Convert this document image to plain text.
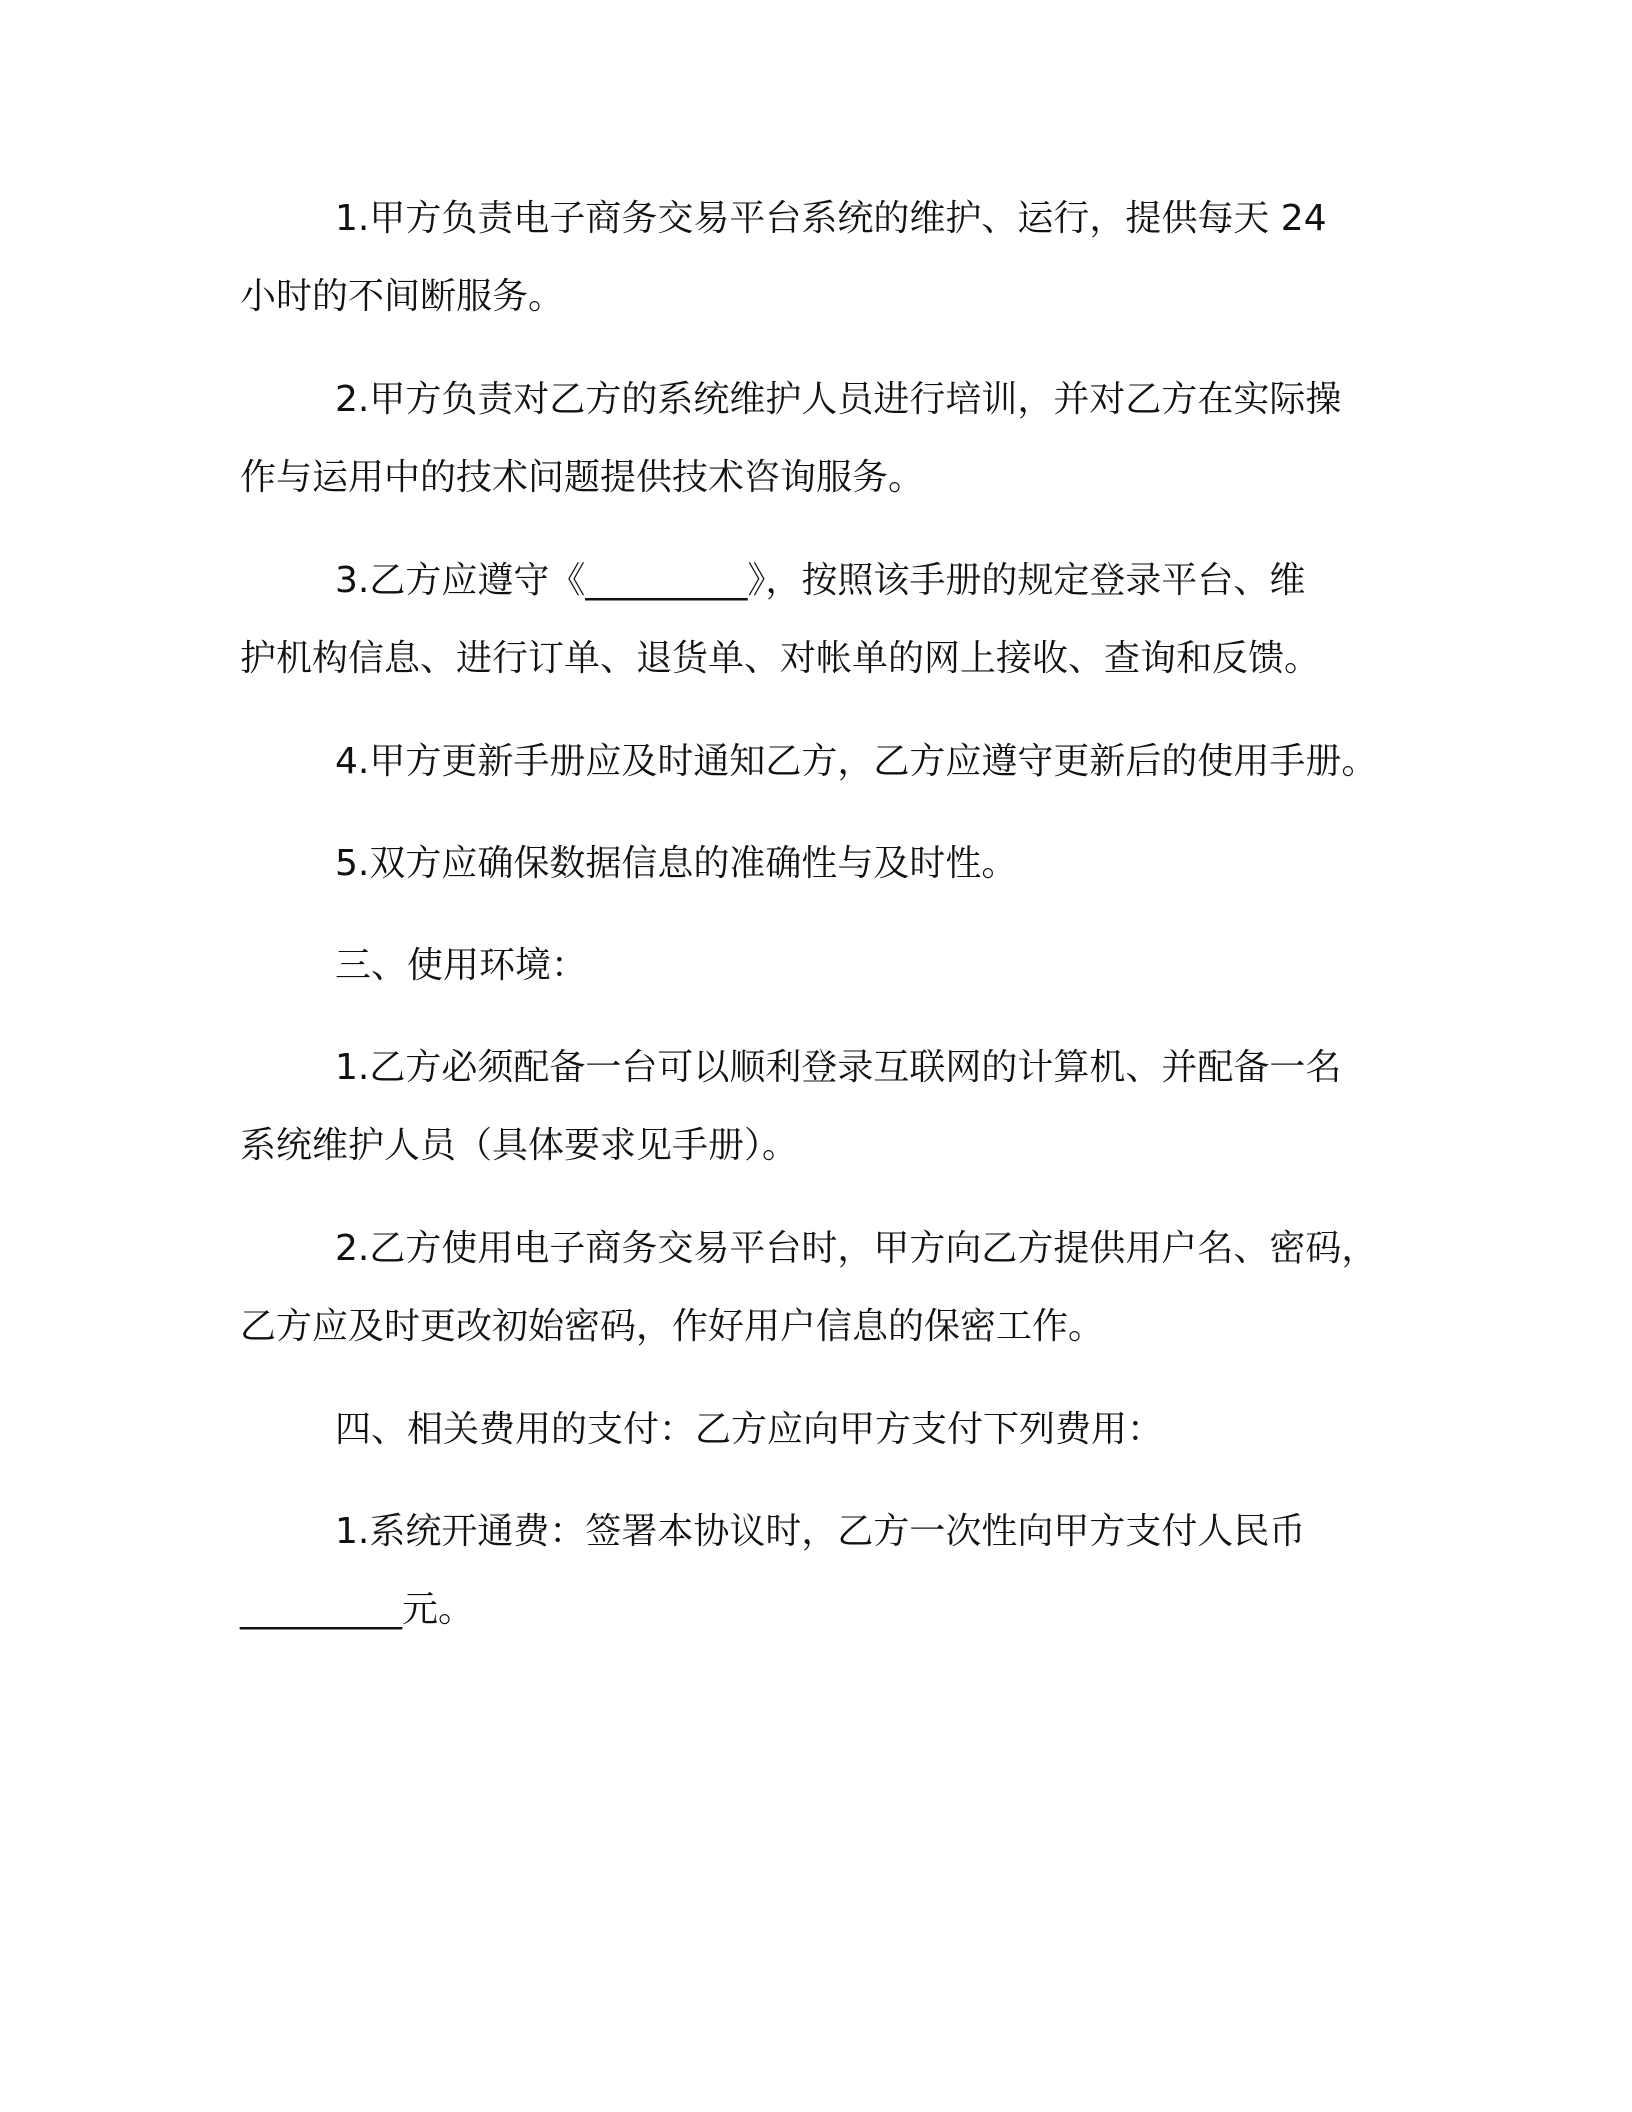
1.甲方负责电子商务交易平台系统的维护、运行，提供每天 24
小时的不间断服务。

2.甲方负责对乙方的系统维护人员进行培训，并对乙方在实际操
作与运用中的技术问题提供技术咨询服务。

3.乙方应遵守《_________》，按照该手册的规定登录平台、维
护机构信息、进行订单、退货单、对帐单的网上接收、查询和反馈。

4.甲方更新手册应及时通知乙方，乙方应遵守更新后的使用手册。

5.双方应确保数据信息的准确性与及时性。

三、使用环境：

1.乙方必须配备一台可以顺利登录互联网的计算机、并配备一名
系统维护人员（具体要求见手册）。

2.乙方使用电子商务交易平台时，甲方向乙方提供用户名、密码，
乙方应及时更改初始密码，作好用户信息的保密工作。

四、相关费用的支付：乙方应向甲方支付下列费用：

1.系统开通费：签署本协议时，乙方一次性向甲方支付人民币
_________元。
